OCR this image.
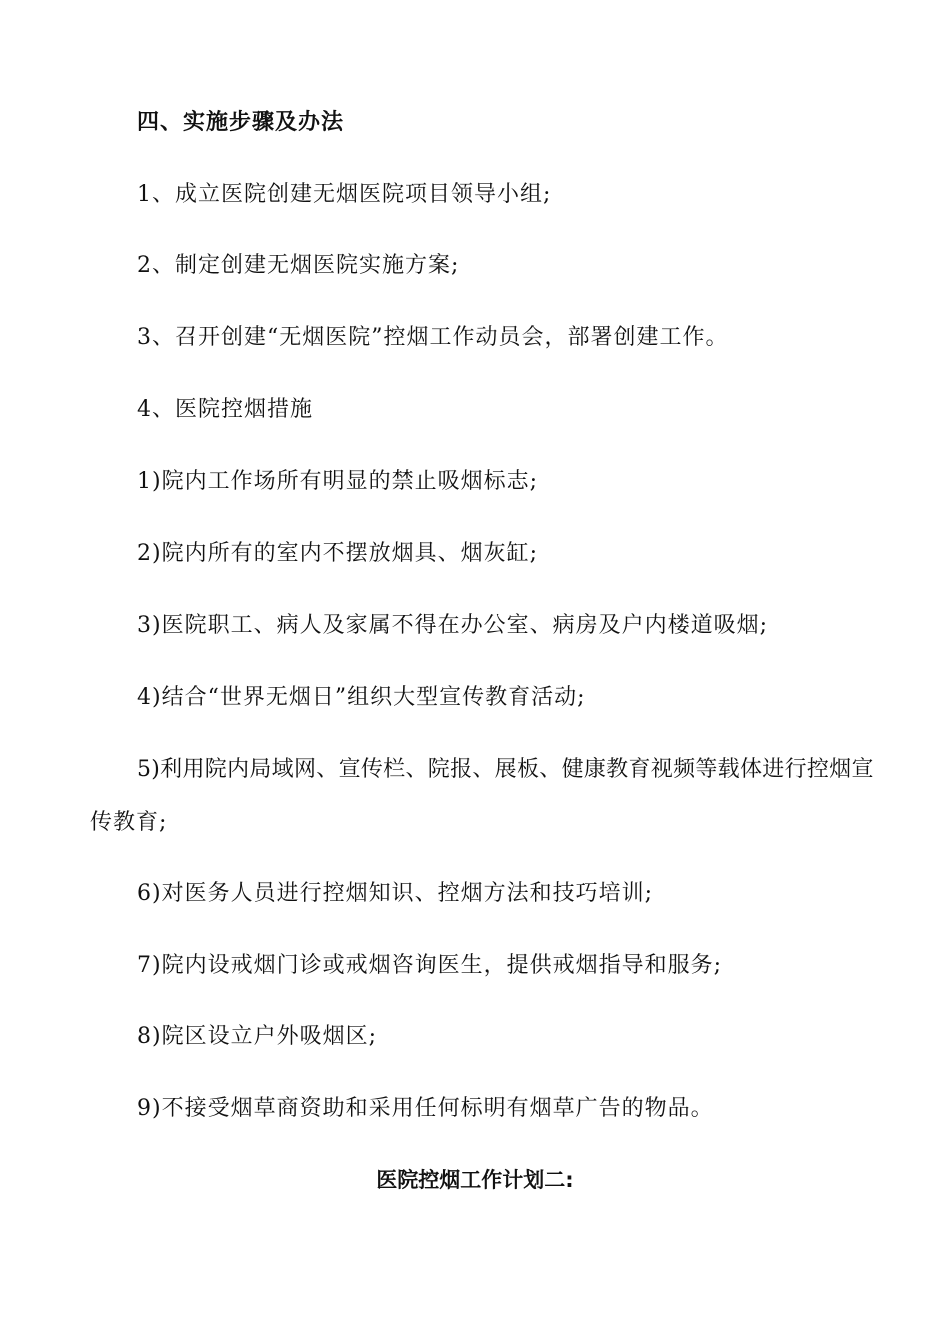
四、实施步骤及办法
1、成立医院创建无烟医院项目领导小组;
2、制定创建无烟医院实施方案;
3、召开创建“无烟医院”控烟工作动员会，部署创建工作。
4、医院控烟措施
1)院内工作场所有明显的禁止吸烟标志;
2)院内所有的室内不摆放烟具、烟灰缸;
3)医院职工、病人及家属不得在办公室、病房及户内楼道吸烟;
4)结合“世界无烟日”组织大型宣传教育活动;
5)利用院内局域网、宣传栏、院报、展板、健康教育视频等载体进行控烟宣
传教育;
6)对医务人员进行控烟知识、控烟方法和技巧培训;
7)院内设戒烟门诊或戒烟咨询医生，提供戒烟指导和服务;
8)院区设立户外吸烟区;
9)不接受烟草商资助和采用任何标明有烟草广告的物品。
医院控烟工作计划二:
